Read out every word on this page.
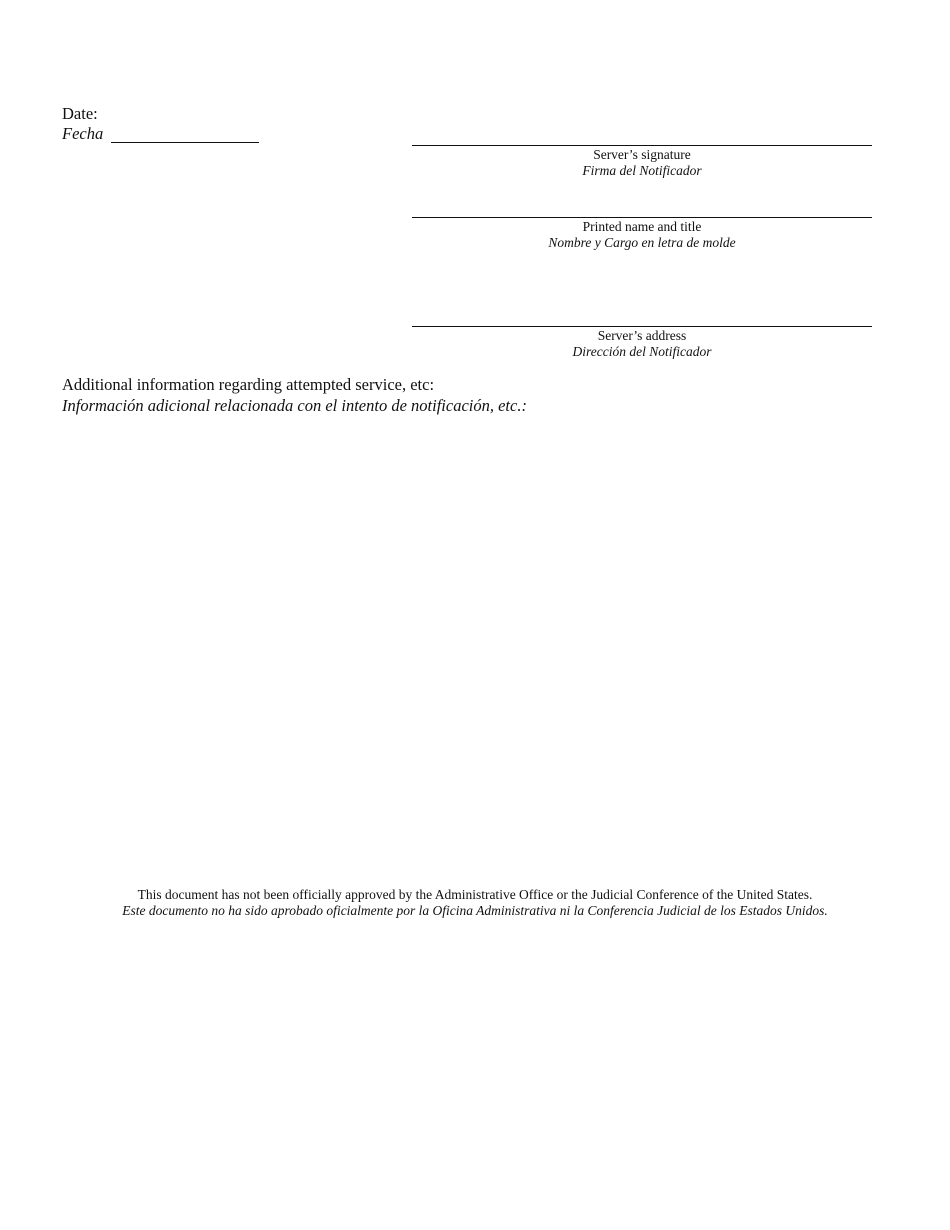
Date:
Fecha
Server’s signature
Firma del Notificador
Printed name and title
Nombre y Cargo en letra de molde
Server’s address
Dirección del Notificador
Additional information regarding attempted service, etc:
Información adicional relacionada con el intento de notificación, etc.:
This document has not been officially approved by the Administrative Office or the Judicial Conference of the United States.
Este documento no ha sido aprobado oficialmente por la Oficina Administrativa ni la Conferencia Judicial de los Estados Unidos.
